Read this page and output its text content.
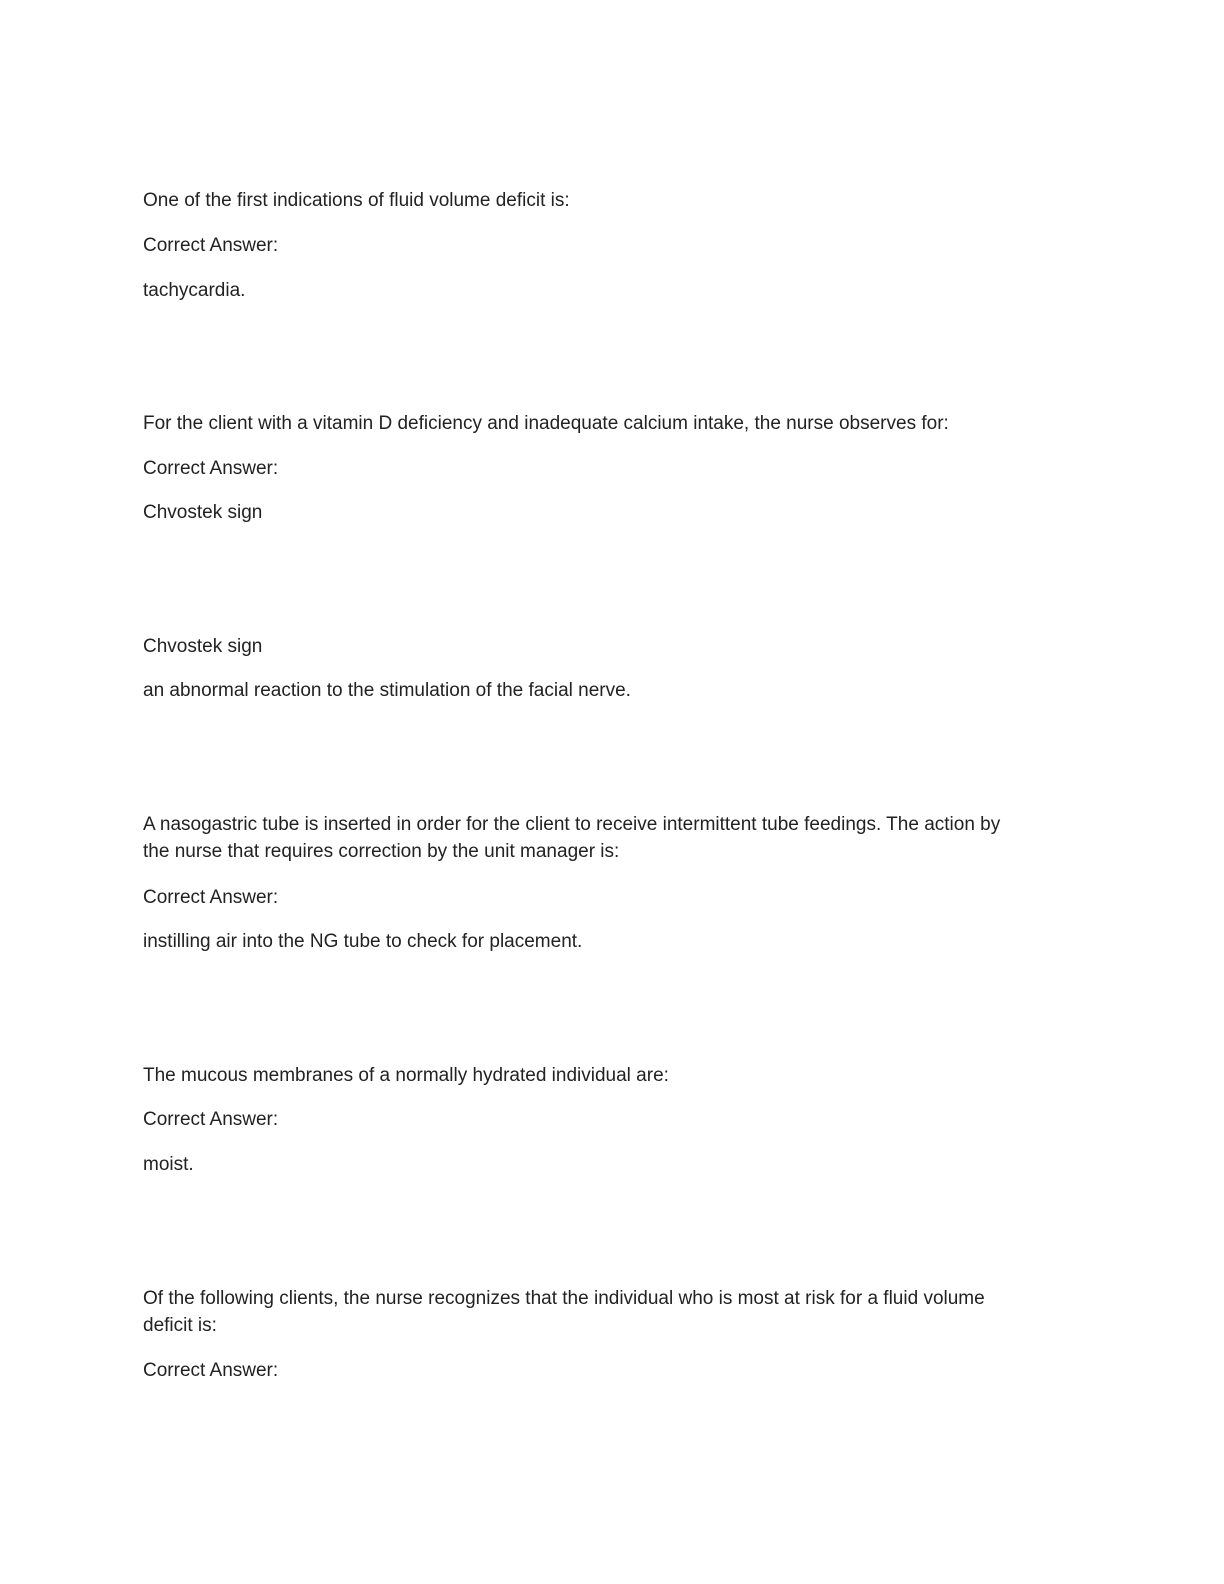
One of the first indications of fluid volume deficit is:

Correct Answer:

tachycardia.

For the client with a vitamin D deficiency and inadequate calcium intake, the nurse observes for:

Correct Answer:

Chvostek sign

Chvostek sign

an abnormal reaction to the stimulation of the facial nerve.

A nasogastric tube is inserted in order for the client to receive intermittent tube feedings. The action by

the nurse that requires correction by the unit manager is:

Correct Answer:

instilling air into the NG tube to check for placement.

The mucous membranes of a normally hydrated individual are:

Correct Answer:

moist.

Of the following clients, the nurse recognizes that the individual who is most at risk for a fluid volume

deficit is:

Correct Answer:
